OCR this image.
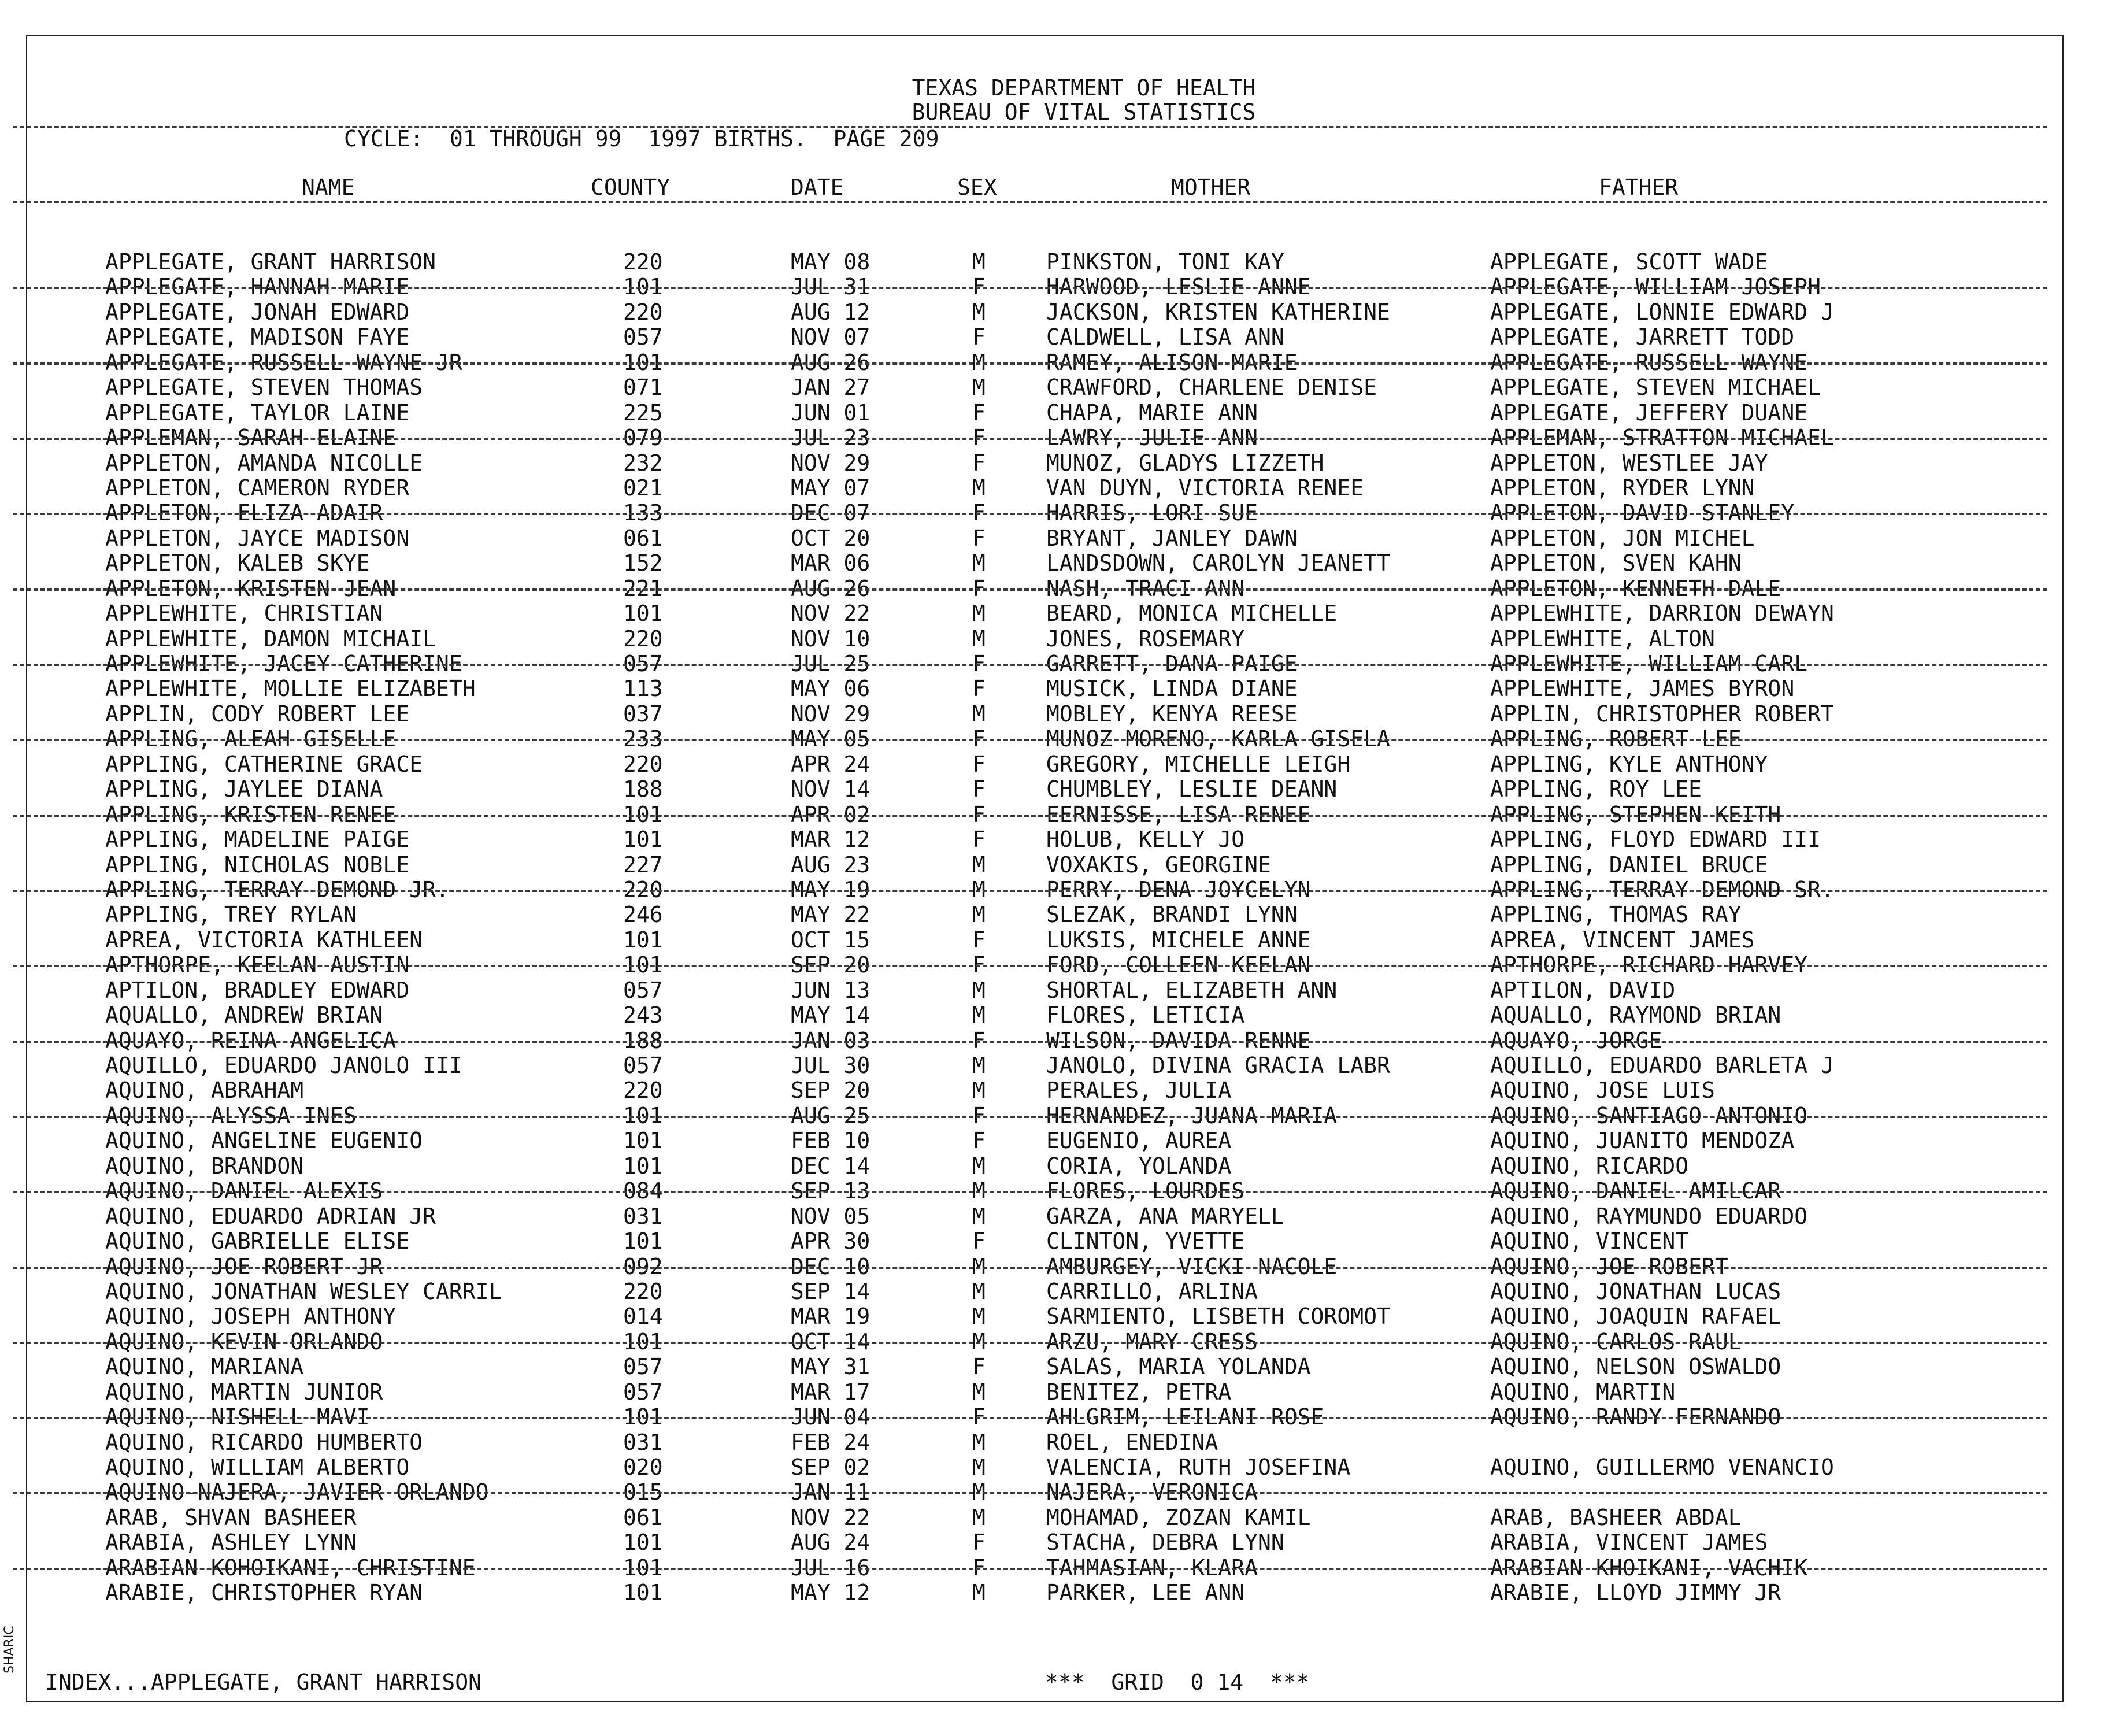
TEXAS DEPARTMENT OF HEALTH
BUREAU OF VITAL STATISTICS
CYCLE:  01 THROUGH 99  1997 BIRTHS.  PAGE 209
NAME	COUNTY	DATE	SEX	MOTHER	FATHER
APPLEGATE, GRANT HARRISON	220	MAY 08	M	PINKSTON, TONI KAY	APPLEGATE, SCOTT WADE
APPLEGATE, HANNAH MARIE	101	JUL 31	F	HARWOOD, LESLIE ANNE	APPLEGATE, WILLIAM JOSEPH
APPLEGATE, JONAH EDWARD	220	AUG 12	M	JACKSON, KRISTEN KATHERINE	APPLEGATE, LONNIE EDWARD J
APPLEGATE, MADISON FAYE	057	NOV 07	F	CALDWELL, LISA ANN	APPLEGATE, JARRETT TODD
APPLEGATE, RUSSELL WAYNE JR	101	AUG 26	M	RAMEY, ALISON MARIE	APPLEGATE, RUSSELL WAYNE
APPLEGATE, STEVEN THOMAS	071	JAN 27	M	CRAWFORD, CHARLENE DENISE	APPLEGATE, STEVEN MICHAEL
APPLEGATE, TAYLOR LAINE	225	JUN 01	F	CHAPA, MARIE ANN	APPLEGATE, JEFFERY DUANE
APPLEMAN, SARAH ELAINE	079	JUL 23	F	LAWRY, JULIE ANN	APPLEMAN, STRATTON MICHAEL
APPLETON, AMANDA NICOLLE	232	NOV 29	F	MUNOZ, GLADYS LIZZETH	APPLETON, WESTLEE JAY
APPLETON, CAMERON RYDER	021	MAY 07	M	VAN DUYN, VICTORIA RENEE	APPLETON, RYDER LYNN
APPLETON, ELIZA ADAIR	133	DEC 07	F	HARRIS, LORI SUE	APPLETON, DAVID STANLEY
APPLETON, JAYCE MADISON	061	OCT 20	F	BRYANT, JANLEY DAWN	APPLETON, JON MICHEL
APPLETON, KALEB SKYE	152	MAR 06	M	LANDSDOWN, CAROLYN JEANETT	APPLETON, SVEN KAHN
APPLETON, KRISTEN JEAN	221	AUG 26	F	NASH, TRACI ANN	APPLETON, KENNETH DALE
APPLEWHITE, CHRISTIAN	101	NOV 22	M	BEARD, MONICA MICHELLE	APPLEWHITE, DARRION DEWAYN
APPLEWHITE, DAMON MICHAIL	220	NOV 10	M	JONES, ROSEMARY	APPLEWHITE, ALTON
APPLEWHITE, JACEY CATHERINE	057	JUL 25	F	GARRETT, DANA PAIGE	APPLEWHITE, WILLIAM CARL
APPLEWHITE, MOLLIE ELIZABETH	113	MAY 06	F	MUSICK, LINDA DIANE	APPLEWHITE, JAMES BYRON
APPLIN, CODY ROBERT LEE	037	NOV 29	M	MOBLEY, KENYA REESE	APPLIN, CHRISTOPHER ROBERT
APPLING, ALEAH GISELLE	233	MAY 05	F	MUNOZ MORENO, KARLA GISELA	APPLING, ROBERT LEE
APPLING, CATHERINE GRACE	220	APR 24	F	GREGORY, MICHELLE LEIGH	APPLING, KYLE ANTHONY
APPLING, JAYLEE DIANA	188	NOV 14	F	CHUMBLEY, LESLIE DEANN	APPLING, ROY LEE
APPLING, KRISTEN RENEE	101	APR 02	F	EERNISSE, LISA RENEE	APPLING, STEPHEN KEITH
APPLING, MADELINE PAIGE	101	MAR 12	F	HOLUB, KELLY JO	APPLING, FLOYD EDWARD III
APPLING, NICHOLAS NOBLE	227	AUG 23	M	VOXAKIS, GEORGINE	APPLING, DANIEL BRUCE
APPLING, TERRAY DEMOND JR.	220	MAY 19	M	PERRY, DENA JOYCELYN	APPLING, TERRAY DEMOND SR.
APPLING, TREY RYLAN	246	MAY 22	M	SLEZAK, BRANDI LYNN	APPLING, THOMAS RAY
APREA, VICTORIA KATHLEEN	101	OCT 15	F	LUKSIS, MICHELE ANNE	APREA, VINCENT JAMES
APTHORPE, KEELAN AUSTIN	101	SEP 20	F	FORD, COLLEEN KEELAN	APTHORPE, RICHARD HARVEY
APTILON, BRADLEY EDWARD	057	JUN 13	M	SHORTAL, ELIZABETH ANN	APTILON, DAVID
AQUALLO, ANDREW BRIAN	243	MAY 14	M	FLORES, LETICIA	AQUALLO, RAYMOND BRIAN
AQUAYO, REINA ANGELICA	188	JAN 03	F	WILSON, DAVIDA RENNE	AQUAYO, JORGE
AQUILLO, EDUARDO JANOLO III	057	JUL 30	M	JANOLO, DIVINA GRACIA LABR	AQUILLO, EDUARDO BARLETA J
AQUINO, ABRAHAM	220	SEP 20	M	PERALES, JULIA	AQUINO, JOSE LUIS
AQUINO, ALYSSA INES	101	AUG 25	F	HERNANDEZ, JUANA MARIA	AQUINO, SANTIAGO ANTONIO
AQUINO, ANGELINE EUGENIO	101	FEB 10	F	EUGENIO, AUREA	AQUINO, JUANITO MENDOZA
AQUINO, BRANDON	101	DEC 14	M	CORIA, YOLANDA	AQUINO, RICARDO
AQUINO, DANIEL ALEXIS	084	SEP 13	M	FLORES, LOURDES	AQUINO, DANIEL AMILCAR
AQUINO, EDUARDO ADRIAN JR	031	NOV 05	M	GARZA, ANA MARYELL	AQUINO, RAYMUNDO EDUARDO
AQUINO, GABRIELLE ELISE	101	APR 30	F	CLINTON, YVETTE	AQUINO, VINCENT
AQUINO, JOE ROBERT JR	092	DEC 10	M	AMBURGEY, VICKI NACOLE	AQUINO, JOE ROBERT
AQUINO, JONATHAN WESLEY CARRIL	220	SEP 14	M	CARRILLO, ARLINA	AQUINO, JONATHAN LUCAS
AQUINO, JOSEPH ANTHONY	014	MAR 19	M	SARMIENTO, LISBETH COROMOT	AQUINO, JOAQUIN RAFAEL
AQUINO, KEVIN ORLANDO	101	OCT 14	M	ARZU, MARY CRESS	AQUINO, CARLOS RAUL
AQUINO, MARIANA	057	MAY 31	F	SALAS, MARIA YOLANDA	AQUINO, NELSON OSWALDO
AQUINO, MARTIN JUNIOR	057	MAR 17	M	BENITEZ, PETRA	AQUINO, MARTIN
AQUINO, NISHELL MAVI	101	JUN 04	F	AHLGRIM, LEILANI ROSE	AQUINO, RANDY FERNANDO
AQUINO, RICARDO HUMBERTO	031	FEB 24	M	ROEL, ENEDINA
AQUINO, WILLIAM ALBERTO	020	SEP 02	M	VALENCIA, RUTH JOSEFINA	AQUINO, GUILLERMO VENANCIO
AQUINO-NAJERA, JAVIER ORLANDO	015	JAN 11	M	NAJERA, VERONICA
ARAB, SHVAN BASHEER	061	NOV 22	M	MOHAMAD, ZOZAN KAMIL	ARAB, BASHEER ABDAL
ARABIA, ASHLEY LYNN	101	AUG 24	F	STACHA, DEBRA LYNN	ARABIA, VINCENT JAMES
ARABIAN KOHOIKANI, CHRISTINE	101	JUL 16	F	TAHMASIAN, KLARA	ARABIAN KHOIKANI, VACHIK
ARABIE, CHRISTOPHER RYAN	101	MAY 12	M	PARKER, LEE ANN	ARABIE, LLOYD JIMMY JR
INDEX...APPLEGATE, GRANT HARRISON	***  GRID  0 14  ***
SHARIC
